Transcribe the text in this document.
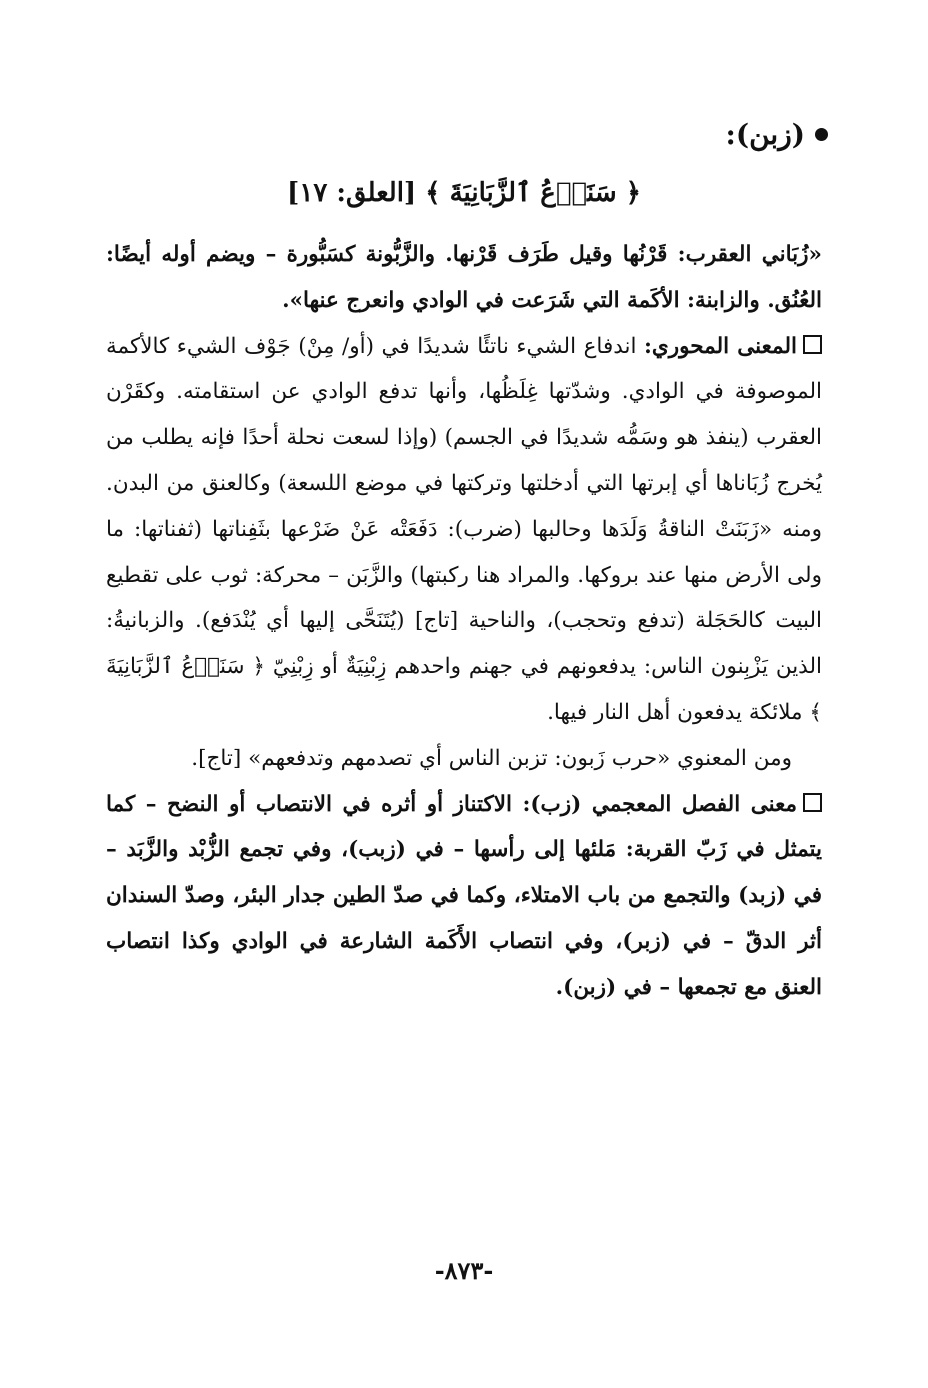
(زبن):
﴿ سَنَدۡعُ ٱلزَّبَانِيَةَ ﴾ [العلق: ١٧]

«زُبَاني العقرب: قَرْنُها وقيل طَرَف قَرْنها. والزَّبُّونة كسَبُّورة – ويضم أوله أيضًا: العُنُق. والزابنة: الأكَمة التي شَرَعت في الوادي وانعرج عنها».

المعنى المحوري: اندفاع الشيء ناتئًا شديدًا في (أو/ مِنْ) جَوْف الشيء كالأكمة الموصوفة في الوادي. وشدّتها غِلَظُها، وأنها تدفع الوادي عن استقامته. وكقَرْن العقرب (ينفذ هو وسَمُّه شديدًا في الجسم) (وإذا لسعت نحلة أحدًا فإنه يطلب من يُخرج زُبَاناها أي إبرتها التي أدخلتها وتركتها في موضع اللسعة) وكالعنق من البدن. ومنه «زَبَنَتْ الناقةُ وَلَدَها وحالبها (ضرب): دَفَعَتْه عَنْ ضَرْعها بثَفِناتها (ثفناتها: ما ولى الأرض منها عند بروكها. والمراد هنا ركبتها) والزَّبَن – محركة: ثوب على تقطيع البيت كالحَجَلة (تدفع وتحجب)، والناحية [تاج] (يُتَنَحَّى إليها أي يُنْدَفع). والزبانيةُ: الذين يَزْبِنون الناس: يدفعونهم في جهنم واحدهم زِبْنِيَةٌ أو زِبْنِيّ ﴿ سَنَدۡعُ ٱلزَّبَانِيَةَ ﴾ ملائكة يدفعون أهل النار فيها.

ومن المعنوي «حرب زَبون: تزبن الناس أي تصدمهم وتدفعهم» [تاج].

معنى الفصل المعجمي (زب): الاكتناز أو أثره في الانتصاب أو النضح – كما يتمثل في زَبّ القربة: مَلئها إلى رأسها – في (زبب)، وفي تجمع الزُّبْد والزَّبَد – في (زبد) والتجمع من باب الامتلاء، وكما في صدّ الطين جدار البئر، وصدّ السندان أثر الدقّ – في (زبر)، وفي انتصاب الأَكَمة الشارعة في الوادي وكذا انتصاب العنق مع تجمعها – في (زبن).

-٨٧٣-
